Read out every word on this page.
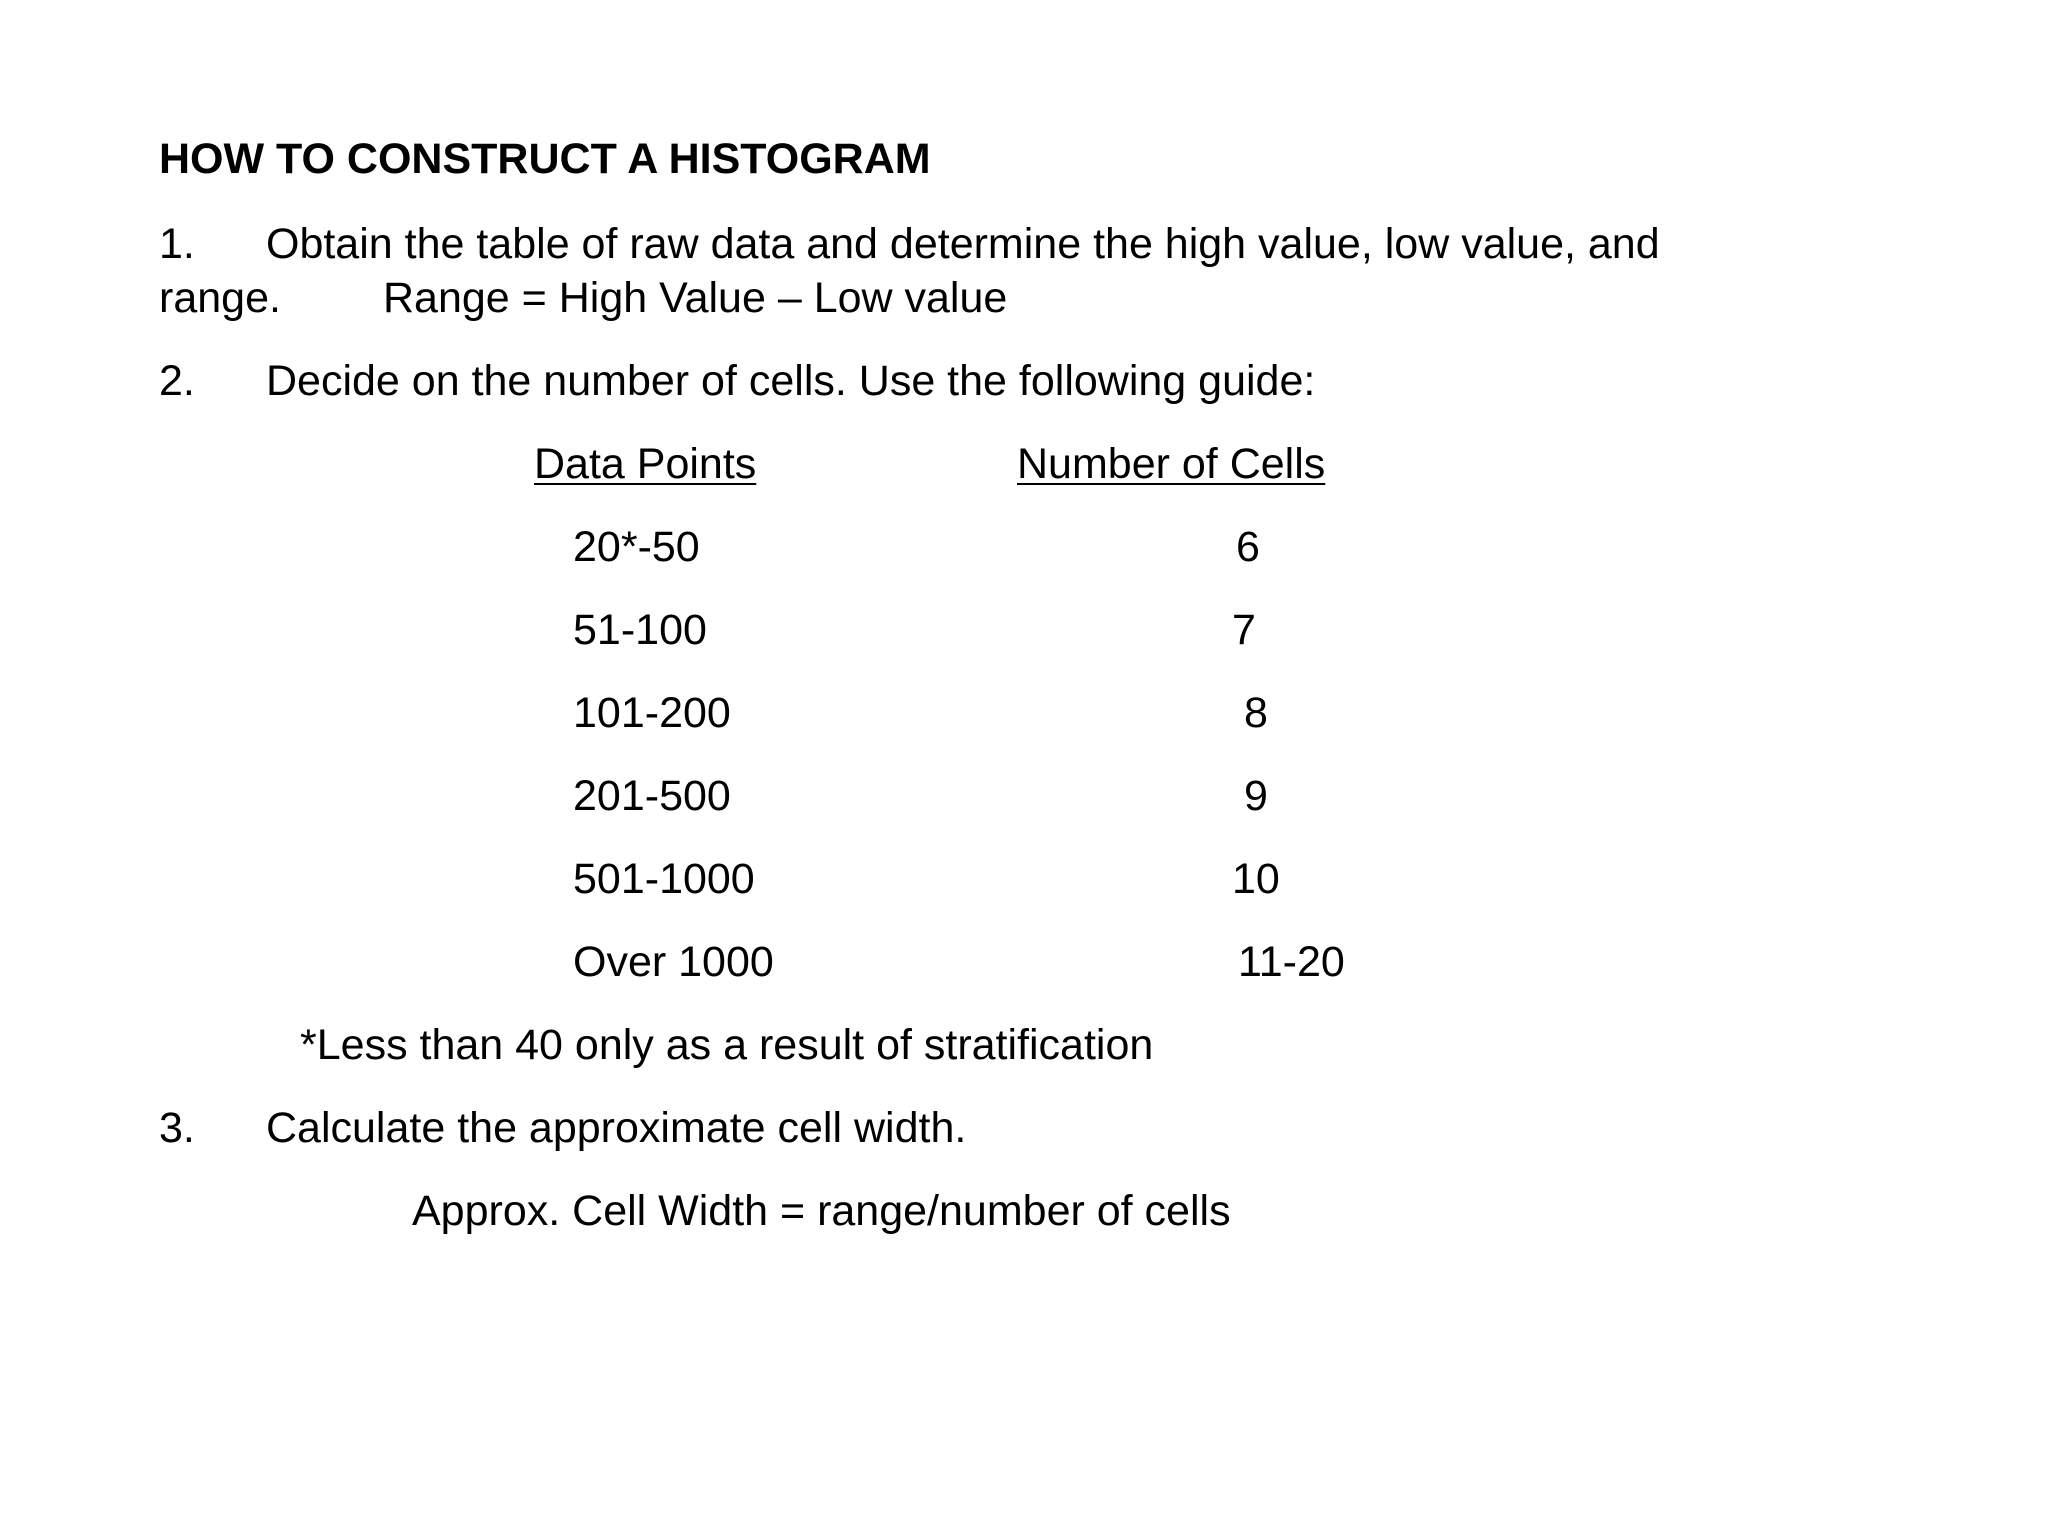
HOW TO CONSTRUCT A HISTOGRAM
1. Obtain the table of raw data and determine the high value, low value, and
range. Range = High Value – Low value
2. Decide on the number of cells. Use the following guide:
Data Points	Number of Cells
20*-50	6
51-100	7
101-200	8
201-500	9
501-1000	10
Over 1000	11-20
*Less than 40 only as a result of stratification
3. Calculate the approximate cell width.
Approx. Cell Width = range/number of cells
